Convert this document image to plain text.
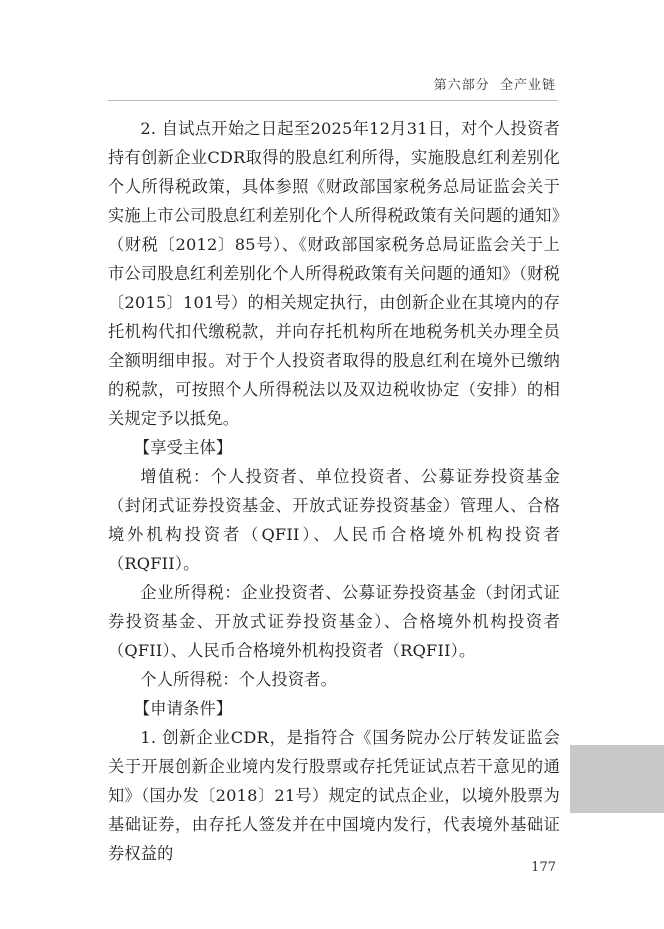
第六部分 全产业链

2. 自试点开始之日起至2025年12月31日，对个人投资者持有创新企业CDR取得的股息红利所得，实施股息红利差别化个人所得税政策，具体参照《财政部国家税务总局证监会关于实施上市公司股息红利差别化个人所得税政策有关问题的通知》（财税〔2012〕85号）、《财政部国家税务总局证监会关于上市公司股息红利差别化个人所得税政策有关问题的通知》（财税〔2015〕101号）的相关规定执行，由创新企业在其境内的存托机构代扣代缴税款，并向存托机构所在地税务机关办理全员全额明细申报。对于个人投资者取得的股息红利在境外已缴纳的税款，可按照个人所得税法以及双边税收协定（安排）的相关规定予以抵免。

【享受主体】

增值税：个人投资者、单位投资者、公募证券投资基金（封闭式证券投资基金、开放式证券投资基金）管理人、合格境外机构投资者（QFII）、人民币合格境外机构投资者（RQFII）。

企业所得税：企业投资者、公募证券投资基金（封闭式证券投资基金、开放式证券投资基金）、合格境外机构投资者（QFII）、人民币合格境外机构投资者（RQFII）。

个人所得税：个人投资者。

【申请条件】

1. 创新企业CDR，是指符合《国务院办公厅转发证监会关于开展创新企业境内发行股票或存托凭证试点若干意见的通知》（国办发〔2018〕21号）规定的试点企业，以境外股票为基础证券，由存托人签发并在中国境内发行，代表境外基础证券权益的

177
